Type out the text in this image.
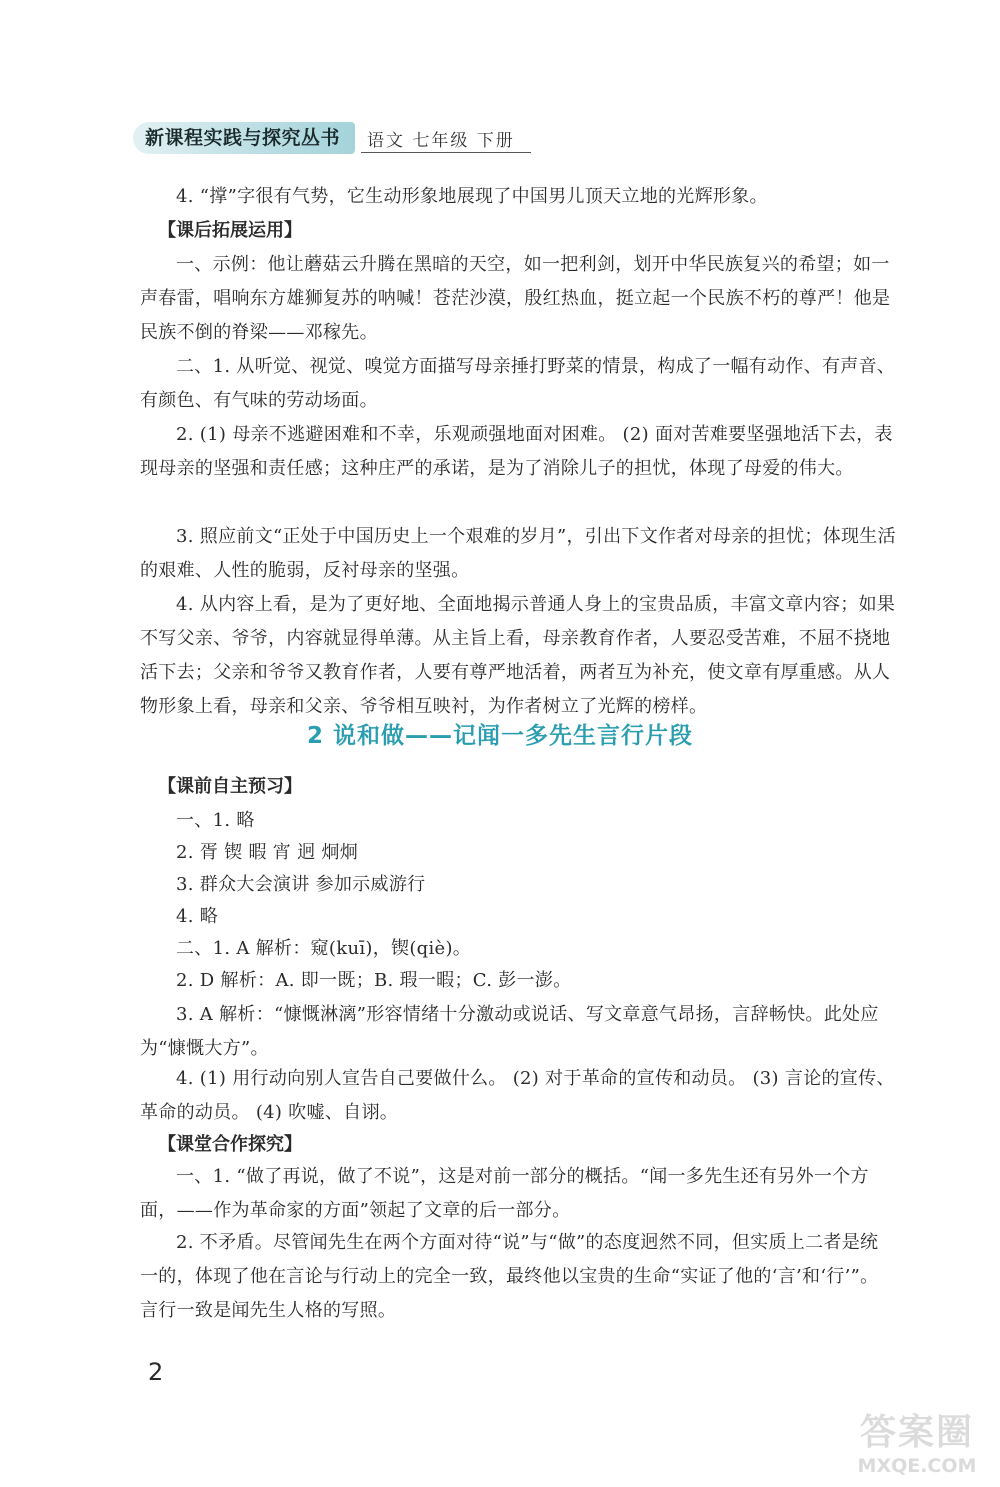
新课程实践与探究丛书	语文 七年级 下册

4. “撑”字很有气势，它生动形象地展现了中国男儿顶天立地的光辉形象。

【课后拓展运用】

一、示例：他让蘑菇云升腾在黑暗的天空，如一把利剑，划开中华民族复兴的希望；如一声春雷，唱响东方雄狮复苏的呐喊！苍茫沙漠，殷红热血，挺立起一个民族不朽的尊严！他是民族不倒的脊梁——邓稼先。

二、1. 从听觉、视觉、嗅觉方面描写母亲捶打野菜的情景，构成了一幅有动作、有声音、有颜色、有气味的劳动场面。

2. (1) 母亲不逃避困难和不幸，乐观顽强地面对困难。 (2) 面对苦难要坚强地活下去，表现母亲的坚强和责任感；这种庄严的承诺，是为了消除儿子的担忧，体现了母爱的伟大。

3. 照应前文“正处于中国历史上一个艰难的岁月”，引出下文作者对母亲的担忧；体现生活的艰难、人性的脆弱，反衬母亲的坚强。

4. 从内容上看，是为了更好地、全面地揭示普通人身上的宝贵品质，丰富文章内容；如果不写父亲、爷爷，内容就显得单薄。从主旨上看，母亲教育作者，人要忍受苦难，不屈不挠地活下去；父亲和爷爷又教育作者，人要有尊严地活着，两者互为补充，使文章有厚重感。从人物形象上看，母亲和父亲、爷爷相互映衬，为作者树立了光辉的榜样。

2 说和做——记闻一多先生言行片段
【课前自主预习】

一、1. 略

2. 胥 锲 暇 宵 迥 炯炯

3. 群众大会演讲 参加示威游行

4. 略

二、1. A 解析：窥(kuī)，锲(qiè)。

2. D 解析：A. 即一既；B. 瑕一暇；C. 彭一澎。

3. A 解析：“慷慨淋漓”形容情绪十分激动或说话、写文章意气昂扬，言辞畅快。此处应为“慷慨大方”。

4. (1) 用行动向别人宣告自己要做什么。 (2) 对于革命的宣传和动员。 (3) 言论的宣传、革命的动员。 (4) 吹嘘、自诩。

【课堂合作探究】

一、1. “做了再说，做了不说”，这是对前一部分的概括。“闻一多先生还有另外一个方面，——作为革命家的方面”领起了文章的后一部分。

2. 不矛盾。尽管闻先生在两个方面对待“说”与“做”的态度迥然不同，但实质上二者是统一的，体现了他在言论与行动上的完全一致，最终他以宝贵的生命“实证了他的‘言’和‘行’”。言行一致是闻先生人格的写照。

2
答案圈
MXQE.COM
